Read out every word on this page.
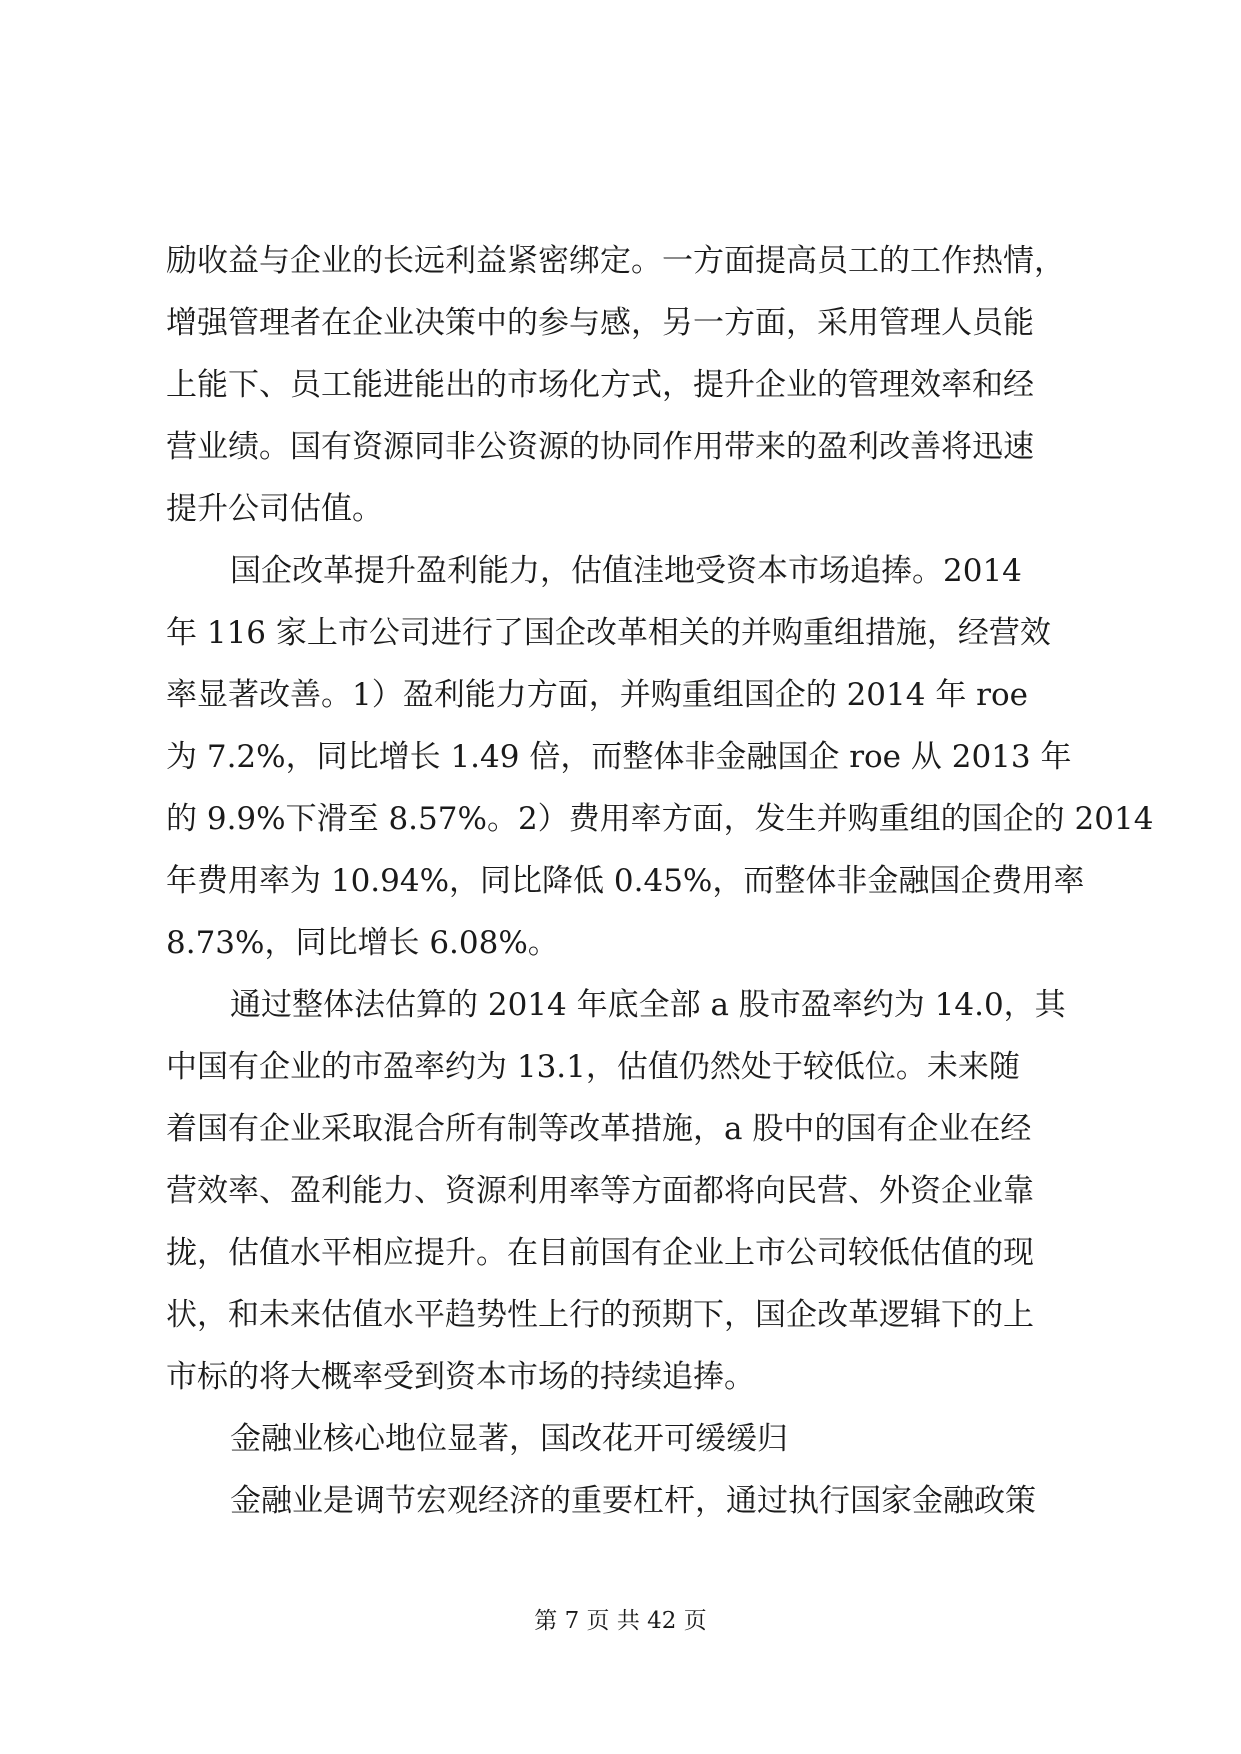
励收益与企业的长远利益紧密绑定。一方面提高员工的工作热情，
增强管理者在企业决策中的参与感，另一方面，采用管理人员能
上能下、员工能进能出的市场化方式，提升企业的管理效率和经
营业绩。国有资源同非公资源的协同作用带来的盈利改善将迅速
提升公司估值。
国企改革提升盈利能力，估值洼地受资本市场追捧。2014
年 116 家上市公司进行了国企改革相关的并购重组措施，经营效
率显著改善。1）盈利能力方面，并购重组国企的 2014 年 roe
为 7.2%，同比增长 1.49 倍，而整体非金融国企 roe 从 2013 年
的 9.9%下滑至 8.57%。2）费用率方面，发生并购重组的国企的 2014
年费用率为 10.94%，同比降低 0.45%，而整体非金融国企费用率
8.73%，同比增长 6.08%。
通过整体法估算的 2014 年底全部 a 股市盈率约为 14.0，其
中国有企业的市盈率约为 13.1，估值仍然处于较低位。未来随
着国有企业采取混合所有制等改革措施，a 股中的国有企业在经
营效率、盈利能力、资源利用率等方面都将向民营、外资企业靠
拢，估值水平相应提升。在目前国有企业上市公司较低估值的现
状，和未来估值水平趋势性上行的预期下，国企改革逻辑下的上
市标的将大概率受到资本市场的持续追捧。
金融业核心地位显著，国改花开可缓缓归
金融业是调节宏观经济的重要杠杆，通过执行国家金融政策
第 7 页 共 42 页
